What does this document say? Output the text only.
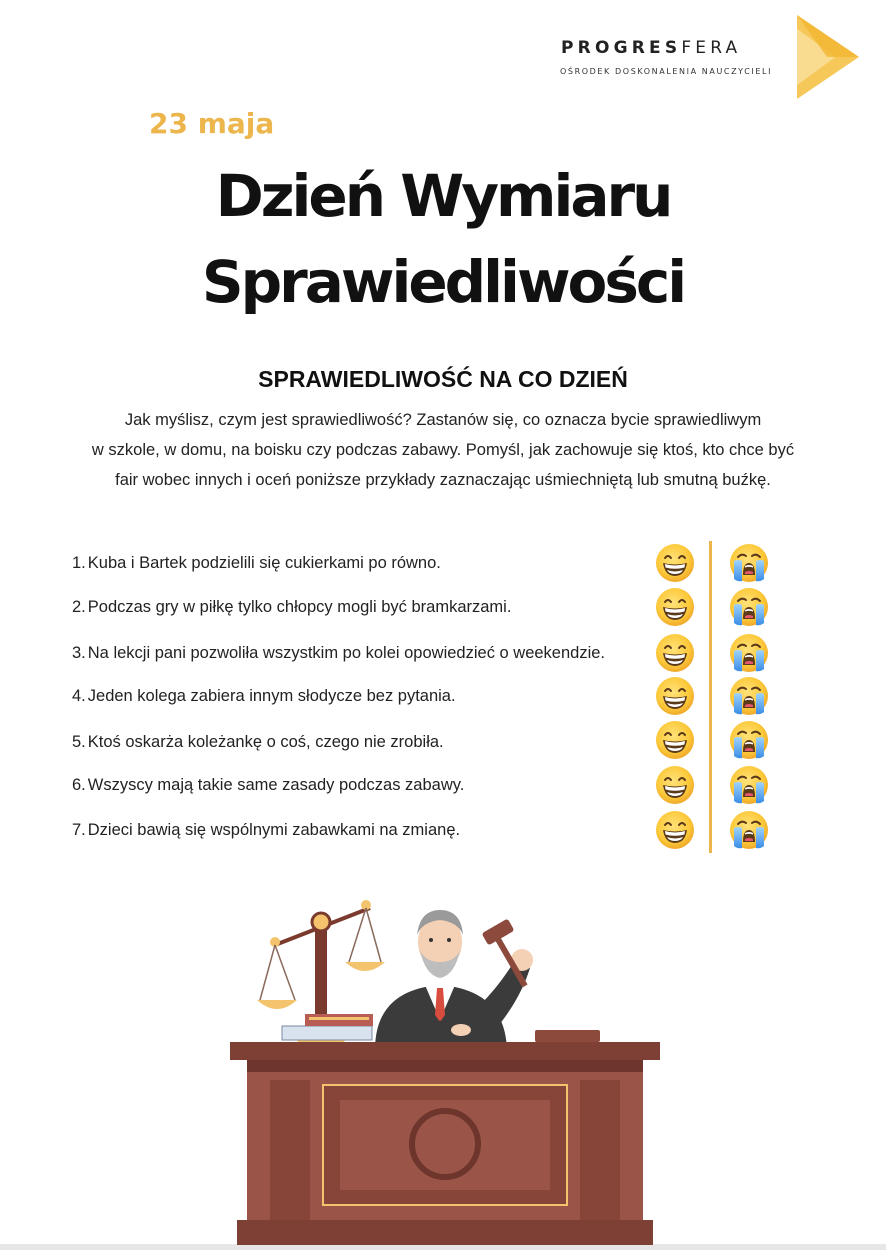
PROGRESFERA
OŚRODEK DOSKONALENIA NAUCZYCIELI
23 maja
Dzień Wymiaru
Sprawiedliwości
SPRAWIEDLIWOŚĆ NA CO DZIEŃ
Jak myślisz, czym jest sprawiedliwość? Zastanów się, co oznacza bycie sprawiedliwym
w szkole, w domu, na boisku czy podczas zabawy. Pomyśl, jak zachowuje się ktoś, kto chce być
fair wobec innych i oceń poniższe przykłady zaznaczając uśmiechniętą lub smutną buźkę.
1. Kuba i Bartek podzielili się cukierkami po równo.
2. Podczas gry w piłkę tylko chłopcy mogli być bramkarzami.
3. Na lekcji pani pozwoliła wszystkim po kolei opowiedzieć o weekendzie.
4. Jeden kolega zabiera innym słodycze bez pytania.
5. Ktoś oskarża koleżankę o coś, czego nie zrobiła.
6. Wszyscy mają takie same zasady podczas zabawy.
7. Dzieci bawią się wspólnymi zabawkami na zmianę.
